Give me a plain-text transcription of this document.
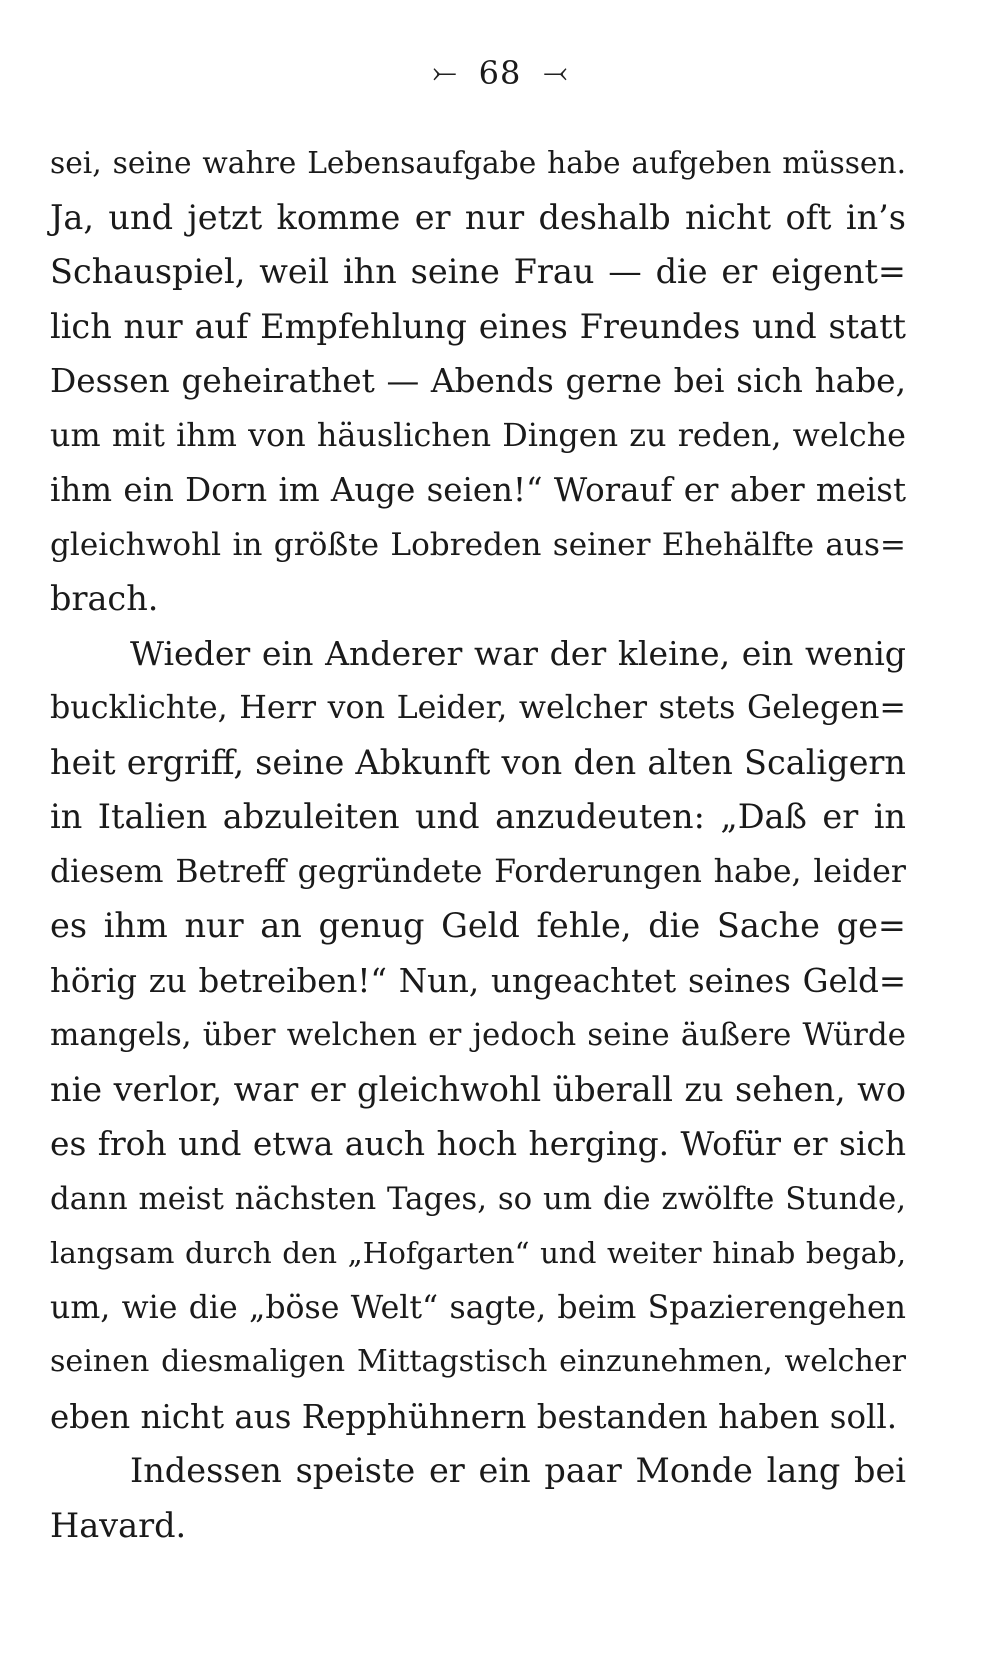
⤚ 68 ⤙
sei, seine wahre Lebensaufgabe habe aufgeben müssen.
Ja, und jetzt komme er nur deshalb nicht oft in’s
Schauspiel, weil ihn seine Frau — die er eigent=
lich nur auf Empfehlung eines Freundes und statt
Dessen geheirathet — Abends gerne bei sich habe,
um mit ihm von häuslichen Dingen zu reden, welche
ihm ein Dorn im Auge seien!“ Worauf er aber meist
gleichwohl in größte Lobreden seiner Ehehälfte aus=
brach.
Wieder ein Anderer war der kleine, ein wenig
bucklichte, Herr von Leider, welcher stets Gelegen=
heit ergriff, seine Abkunft von den alten Scaligern
in Italien abzuleiten und anzudeuten: „Daß er in
diesem Betreff gegründete Forderungen habe, leider
es ihm nur an genug Geld fehle, die Sache ge=
hörig zu betreiben!“ Nun, ungeachtet seines Geld=
mangels, über welchen er jedoch seine äußere Würde
nie verlor, war er gleichwohl überall zu sehen, wo
es froh und etwa auch hoch herging. Wofür er sich
dann meist nächsten Tages, so um die zwölfte Stunde,
langsam durch den „Hofgarten“ und weiter hinab begab,
um, wie die „böse Welt“ sagte, beim Spazierengehen
seinen diesmaligen Mittagstisch einzunehmen, welcher
eben nicht aus Repphühnern bestanden haben soll.
Indessen speiste er ein paar Monde lang bei
Havard.
